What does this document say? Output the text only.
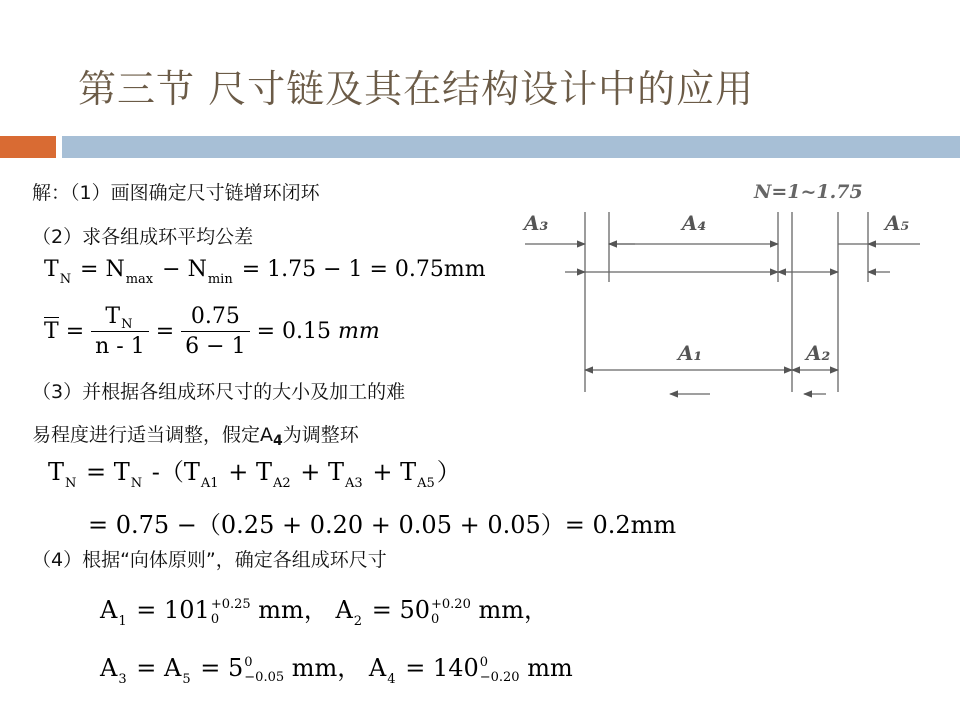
第三节 尺寸链及其在结构设计中的应用
解：（1）画图确定尺寸链增环闭环
（2）求各组成环平均公差
$T_N = N_{max} - N_{min} = 1.75 - 1 = 0.75mm$
$T = \frac{T_N}{n - 1} = \frac{0.75}{6 - 1} = 0.15$ mm
（3）并根据各组成环尺寸的大小及加工的难
易程度进行适当调整，假定$A_4$为调整环
$T_N = T_N$ $-(T_{A1} + T_{A2} + T_{A3} + T_{A5})$
= 0.75 −（0.25 + 0.20 + 0.05 + 0.05）= 0.2mm
（4）根据“向体原则”，确定各组成环尺寸
$A_1 = 101 +0.25$
0	mm， $A_2 = 50 +0.20$
0	mm，
$A_3 = A_5 = 5$ 0
−0.05 mm， $A_4 = 140$ 0
−0.20 mm
N=1~1.75
A₃	A₄	A₅
A₁	A₂
